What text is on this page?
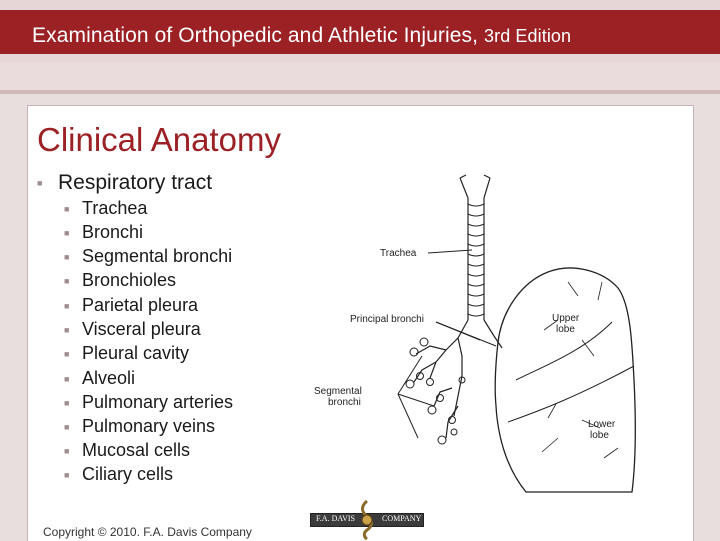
Examination of Orthopedic and Athletic Injuries, 3rd Edition
Clinical Anatomy
■ Respiratory tract
■ Trachea
■ Bronchi
■ Segmental bronchi
■ Bronchioles
■ Parietal pleura
■ Visceral pleura
■ Pleural cavity
■ Alveoli
■ Pulmonary arteries
■ Pulmonary veins
■ Mucosal cells
■ Ciliary cells
Trachea
Principal bronchi
Segmental
bronchi
Upper
lobe
Lower
lobe
Copyright © 2010. F.A. Davis Company
F.A. DAVIS	COMPANY
